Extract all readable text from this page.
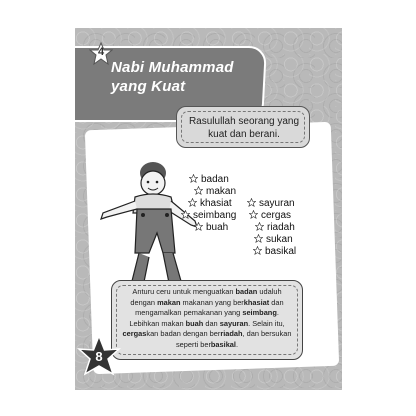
4
Nabi Muhammad yang Kuat
Rasulullah seorang yang kuat dan berani.
badan
makan
khasiat
seimbang
buah
sayuran
cergas
riadah
sukan
basikal
Anturu ceru untuk menguatkan badan udaluh dengan makan makanan yang berkhasiat dan mengamalkan pemakanan yang seimbang. Lebihkan makan buah dan sayuran. Selain itu, cergaskan badan dengan berriadah, dan bersukan seperti berbasikal.
8
